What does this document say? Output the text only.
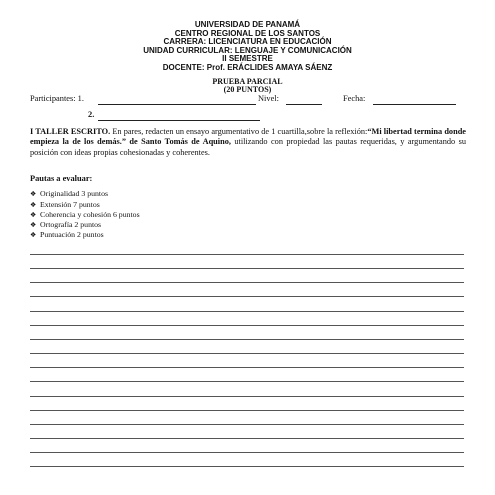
UNIVERSIDAD DE PANAMÁ
CENTRO REGIONAL DE LOS SANTOS
CARRERA: LICENCIATURA EN EDUCACIÓN
UNIDAD CURRICULAR: LENGUAJE Y COMUNICACIÓN
II SEMESTRE
DOCENTE: Prof. ERÁCLIDES AMAYA SÁENZ
PRUEBA PARCIAL
(20 PUNTOS)
Participantes: 1.	Nivel:	Fecha:
2.
I TALLER ESCRITO. En pares, redacten un ensayo argumentativo de 1 cuartilla,sobre la reflexión:“Mi libertad termina donde empieza la de los demás.” de Santo Tomás de Aquino, utilizando con propiedad las pautas requeridas, y argumentando su posición con ideas propias cohesionadas y coherentes.
Pautas a evaluar:
❖ Originalidad 3 puntos
❖ Extensión 7 puntos
❖ Coherencia y cohesión 6 puntos
❖ Ortografía 2 puntos
❖ Puntuación 2 puntos
